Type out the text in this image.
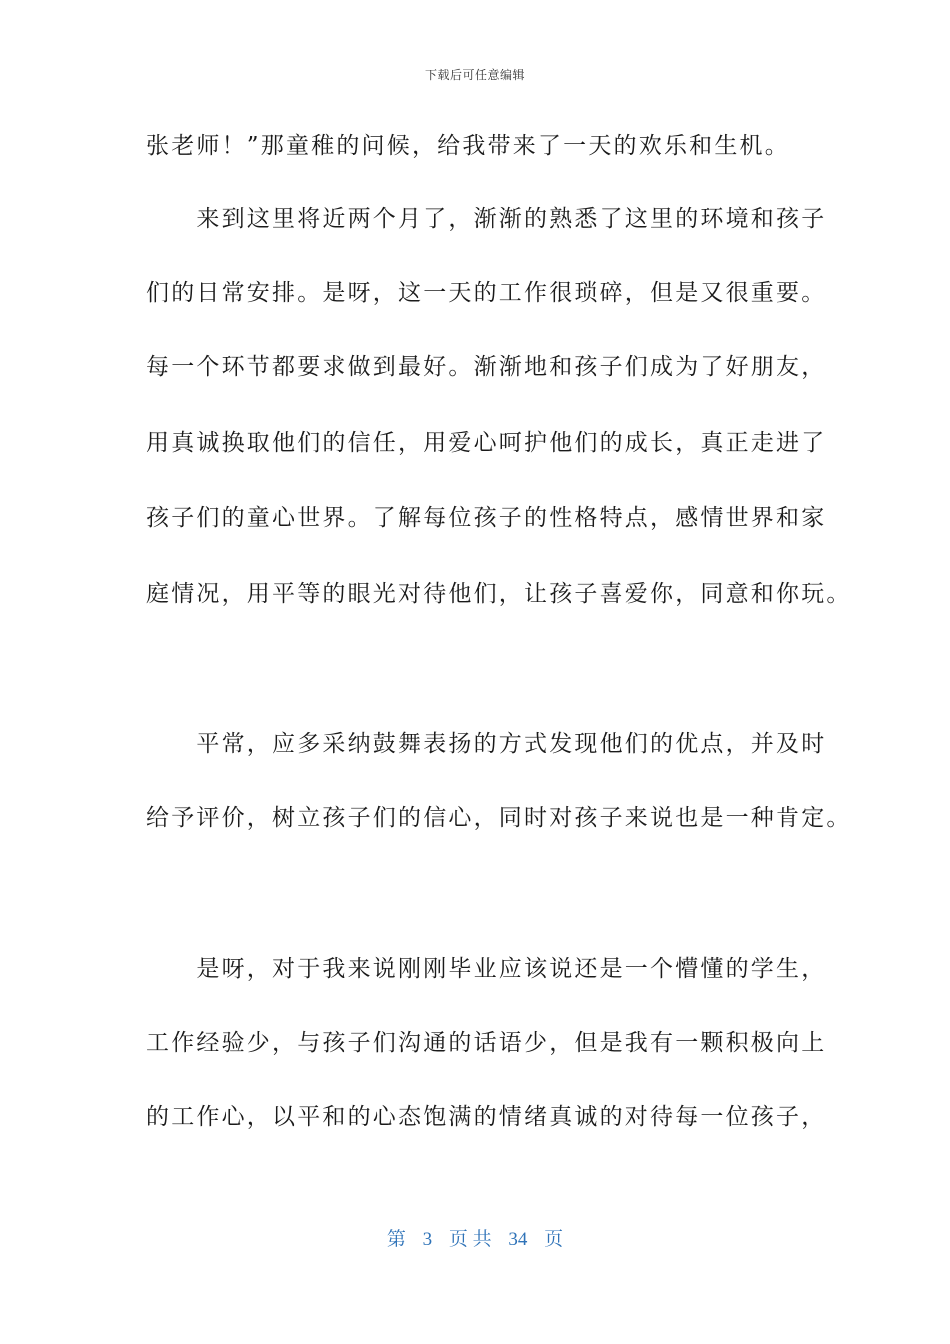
下载后可任意编辑
张老师！”那童稚的问候，给我带来了一天的欢乐和生机。
　　来到这里将近两个月了，渐渐的熟悉了这里的环境和孩子
们的日常安排。是呀，这一天的工作很琐碎，但是又很重要。
每一个环节都要求做到最好。渐渐地和孩子们成为了好朋友，
用真诚换取他们的信任，用爱心呵护他们的成长，真正走进了
孩子们的童心世界。了解每位孩子的性格特点，感情世界和家
庭情况，用平等的眼光对待他们，让孩子喜爱你，同意和你玩。
　　平常，应多采纳鼓舞表扬的方式发现他们的优点，并及时
给予评价，树立孩子们的信心，同时对孩子来说也是一种肯定。
　　是呀，对于我来说刚刚毕业应该说还是一个懵懂的学生，
工作经验少，与孩子们沟通的话语少，但是我有一颗积极向上
的工作心，以平和的心态饱满的情绪真诚的对待每一位孩子，
第 3 页 共 34 页
